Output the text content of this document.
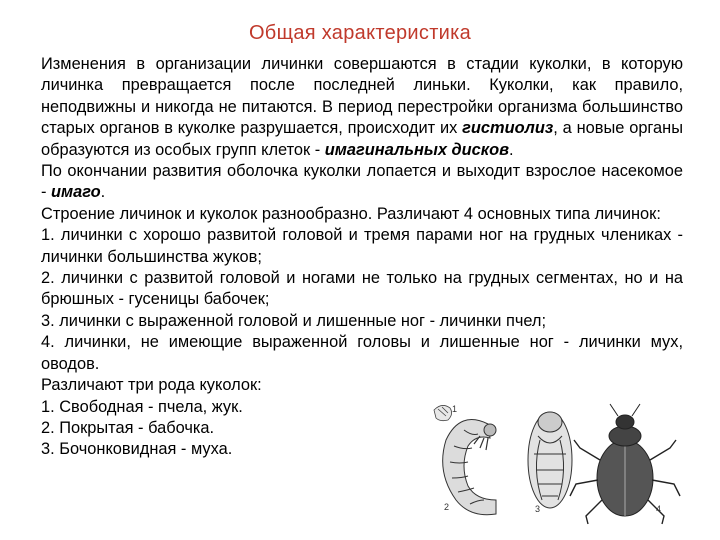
Общая характеристика

Изменения в организации личинки совершаются в стадии куколки, в которую личинка превращается после последней линьки. Куколки, как правило, неподвижны и никогда не питаются. В период перестройки организма большинство старых органов в куколке разрушается, происходит их гистиолиз, а новые органы образуются из особых групп клеток - имагинальных дисков.

По окончании развития оболочка куколки лопается и выходит взрослое насекомое - имаго.

Строение личинок и куколок разнообразно. Различают 4 основных типа личинок:

1. личинки с хорошо развитой головой и тремя парами ног на грудных члениках - личинки большинства жуков;

2. личинки с развитой головой и ногами не только на грудных сегментах, но и на брюшных - гусеницы бабочек;

3. личинки с выраженной головой и лишенные ног - личинки пчел;

4. личинки, не имеющие выраженной головы и лишенные ног - личинки мух, оводов.

Различают три рода куколок:

1. Свободная - пчела, жук.

2. Покрытая - бабочка.

3. Бочонковидная - муха.

1
2	3	4
